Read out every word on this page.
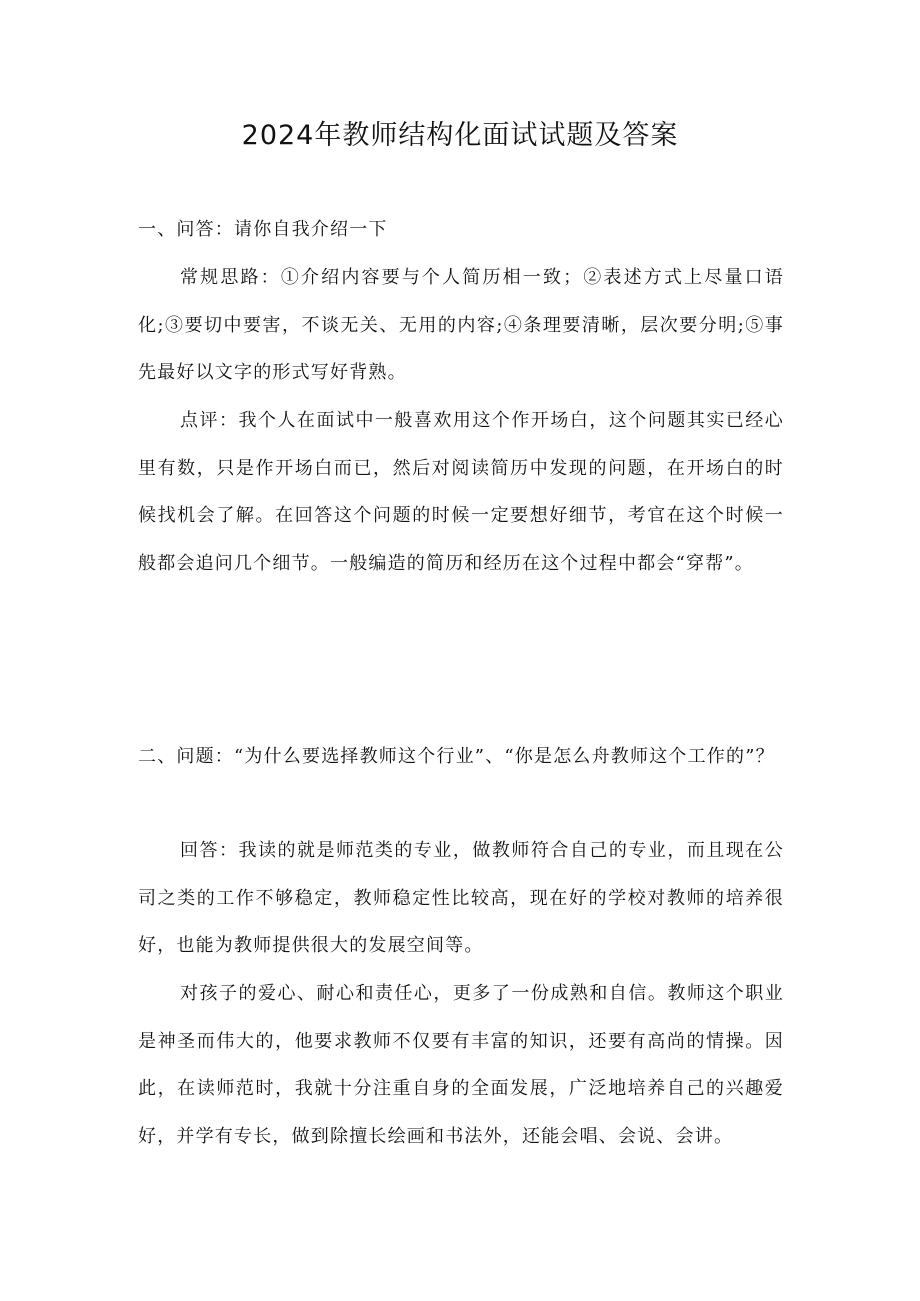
2024年教师结构化面试试题及答案

一、问答：请你自我介绍一下

常规思路：①介绍内容要与个人简历相一致；②表述方式上尽量口语化;③要切中要害，不谈无关、无用的内容;④条理要清晰，层次要分明;⑤事先最好以文字的形式写好背熟。

点评：我个人在面试中一般喜欢用这个作开场白，这个问题其实已经心里有数，只是作开场白而已，然后对阅读简历中发现的问题，在开场白的时候找机会了解。在回答这个问题的时候一定要想好细节，考官在这个时候一般都会追问几个细节。一般编造的简历和经历在这个过程中都会“穿帮”。

二、问题：“为什么要选择教师这个行业”、“你是怎么舟教师这个工作的”？

回答：我读的就是师范类的专业，做教师符合自己的专业，而且现在公司之类的工作不够稳定，教师稳定性比较高，现在好的学校对教师的培养很好，也能为教师提供很大的发展空间等。

对孩子的爱心、耐心和责任心，更多了一份成熟和自信。教师这个职业是神圣而伟大的，他要求教师不仅要有丰富的知识，还要有高尚的情操。因此，在读师范时，我就十分注重自身的全面发展，广泛地培养自己的兴趣爱好，并学有专长，做到除擅长绘画和书法外，还能会唱、会说、会讲。
